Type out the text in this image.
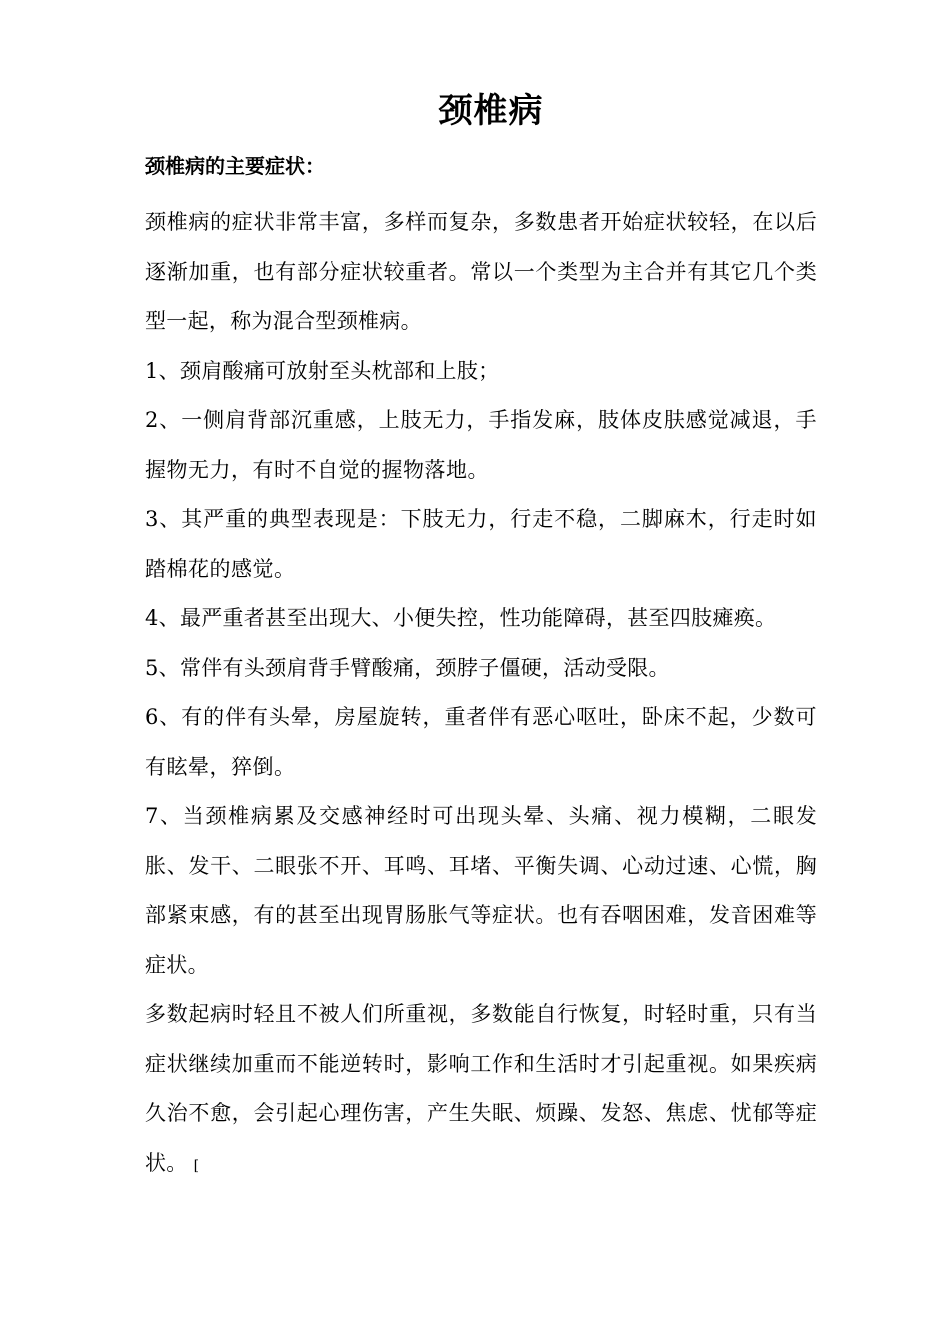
颈椎病

颈椎病的主要症状：

颈椎病的症状非常丰富，多样而复杂，多数患者开始症状较轻，在以后逐渐加重，也有部分症状较重者。常以一个类型为主合并有其它几个类型一起，称为混合型颈椎病。

1、颈肩酸痛可放射至头枕部和上肢；

2、一侧肩背部沉重感，上肢无力，手指发麻，肢体皮肤感觉减退，手握物无力，有时不自觉的握物落地。

3、其严重的典型表现是：下肢无力，行走不稳，二脚麻木，行走时如踏棉花的感觉。

4、最严重者甚至出现大、小便失控，性功能障碍，甚至四肢瘫痪。

5、常伴有头颈肩背手臂酸痛，颈脖子僵硬，活动受限。

6、有的伴有头晕，房屋旋转，重者伴有恶心呕吐，卧床不起，少数可有眩晕，猝倒。

7、当颈椎病累及交感神经时可出现头晕、头痛、视力模糊，二眼发胀、发干、二眼张不开、耳鸣、耳堵、平衡失调、心动过速、心慌，胸部紧束感，有的甚至出现胃肠胀气等症状。也有吞咽困难，发音困难等症状。

多数起病时轻且不被人们所重视，多数能自行恢复，时轻时重，只有当症状继续加重而不能逆转时，影响工作和生活时才引起重视。如果疾病久治不愈，会引起心理伤害，产生失眠、烦躁、发怒、焦虑、忧郁等症状。 [
